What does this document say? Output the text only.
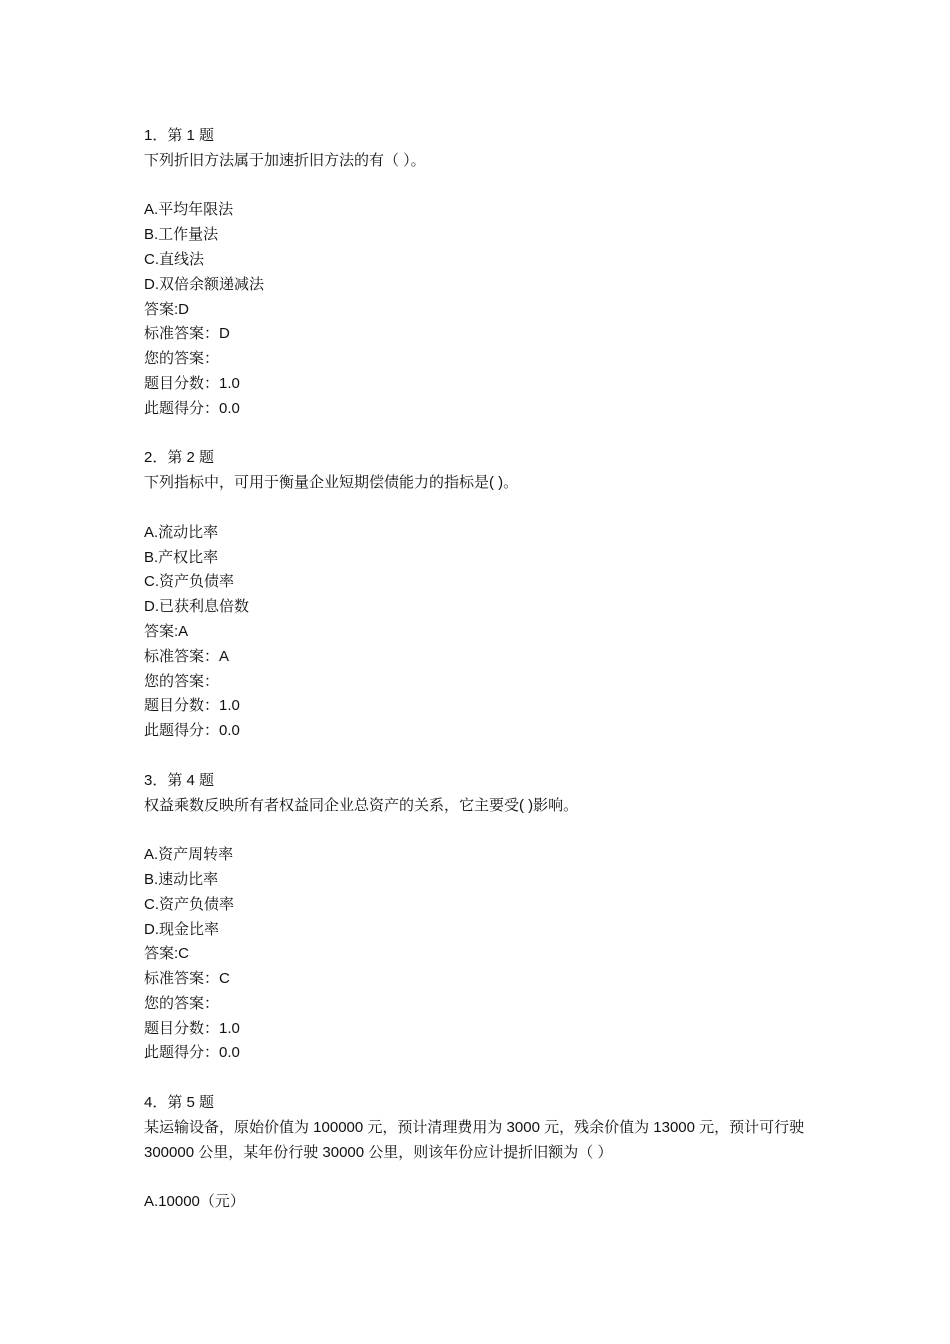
1．第 1 题
下列折旧方法属于加速折旧方法的有（ ）。
A.平均年限法
B.工作量法
C.直线法
D.双倍余额递减法
答案:D
标准答案：D
您的答案：
题目分数：1.0
此题得分：0.0
2．第 2 题
下列指标中，可用于衡量企业短期偿债能力的指标是( )。
A.流动比率
B.产权比率
C.资产负债率
D.已获利息倍数
答案:A
标准答案：A
您的答案：
题目分数：1.0
此题得分：0.0
3．第 4 题
权益乘数反映所有者权益同企业总资产的关系，它主要受( )影响。
A.资产周转率
B.速动比率
C.资产负债率
D.现金比率
答案:C
标准答案：C
您的答案：
题目分数：1.0
此题得分：0.0
4．第 5 题
某运输设备，原始价值为 100000 元，预计清理费用为 3000 元，残余价值为 13000 元，预计可行驶 300000 公里，某年份行驶 30000 公里，则该年份应计提折旧额为（ ）
A.10000（元）
